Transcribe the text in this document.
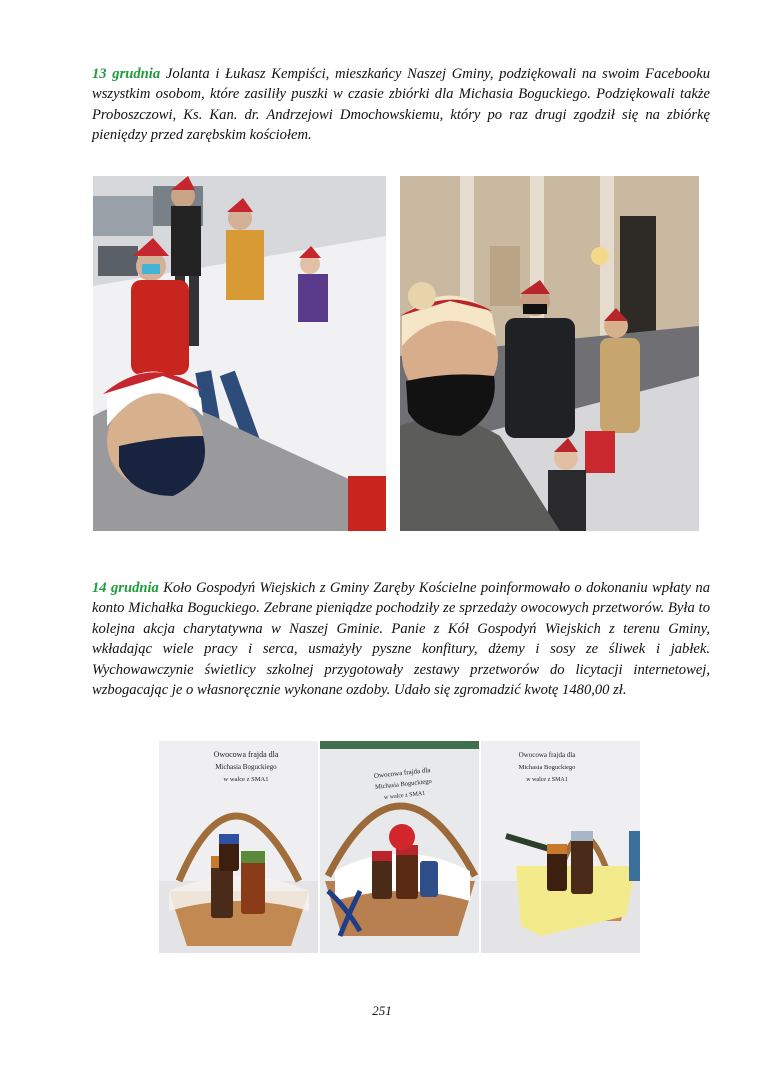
13 grudnia Jolanta i Łukasz Kempiści, mieszkańcy Naszej Gminy, podziękowali na swoim Facebooku wszystkim osobom, które zasiliły puszki w czasie zbiórki dla Michasia Boguckiego. Podziękowali także Proboszczowi, Ks. Kan. dr. Andrzejowi Dmochowskiemu, który po raz drugi zgodził się na zbiórkę pieniędzy przed zarębskim kościołem.

14 grudnia Koło Gospodyń Wiejskich z Gminy Zaręby Kościelne poinformowało o dokonaniu wpłaty na konto Michałka Boguckiego. Zebrane pieniądze pochodziły ze sprzedaży owocowych przetworów. Była to kolejna akcja charytatywna w Naszej Gminie. Panie z Kół Gospodyń Wiejskich z terenu Gminy, wkładając wiele pracy i serca, usmażyły pyszne konfitury, dżemy i sosy ze śliwek i jabłek. Wychowawczynie świetlicy szkolnej przygotowały zestawy przetworów do licytacji internetowej, wzbogacając je o własnoręcznie wykonane ozdoby. Udało się zgromadzić kwotę 1480,00 zł.

Owocowa frajda dla
Michasia Boguckiego
w walce z SMA1	Owocowa frajda dla
Michasia Boguckiego
w walce z SMA1
Owocowa frajda dla
Michasia Boguckiego
w walce z SMA1
251
